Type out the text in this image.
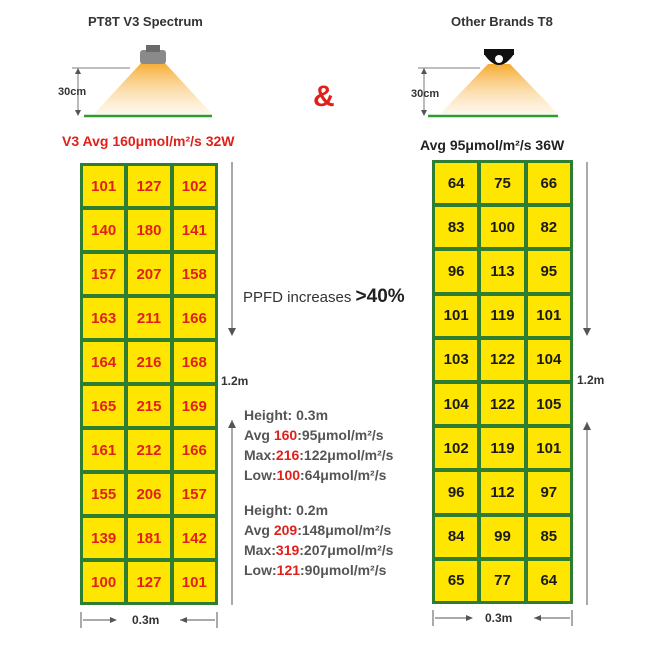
PT8T V3 Spectrum
30cm
V3 Avg 160μmol/m²/s 32W
&
Other Brands T8
30cm
Avg 95μmol/m²/s 36W
101	127	102
140	180	141
157	207	158
163	211	166
164	216	168
165	215	169
161	212	166
155	206	157
139	181	142
100	127	101
1.2m
0.3m
PPFD increases >40%
Height: 0.3m
Avg 160:95μmol/m²/s
Max:216:122μmol/m²/s
Low:100:64μmol/m²/s
Height: 0.2m
Avg 209:148μmol/m²/s
Max:319:207μmol/m²/s
Low:121:90μmol/m²/s
64	75	66
83	100	82
96	113	95
101	119	101
103	122	104
104	122	105
102	119	101
96	112	97
84	99	85
65	77	64
1.2m
0.3m
